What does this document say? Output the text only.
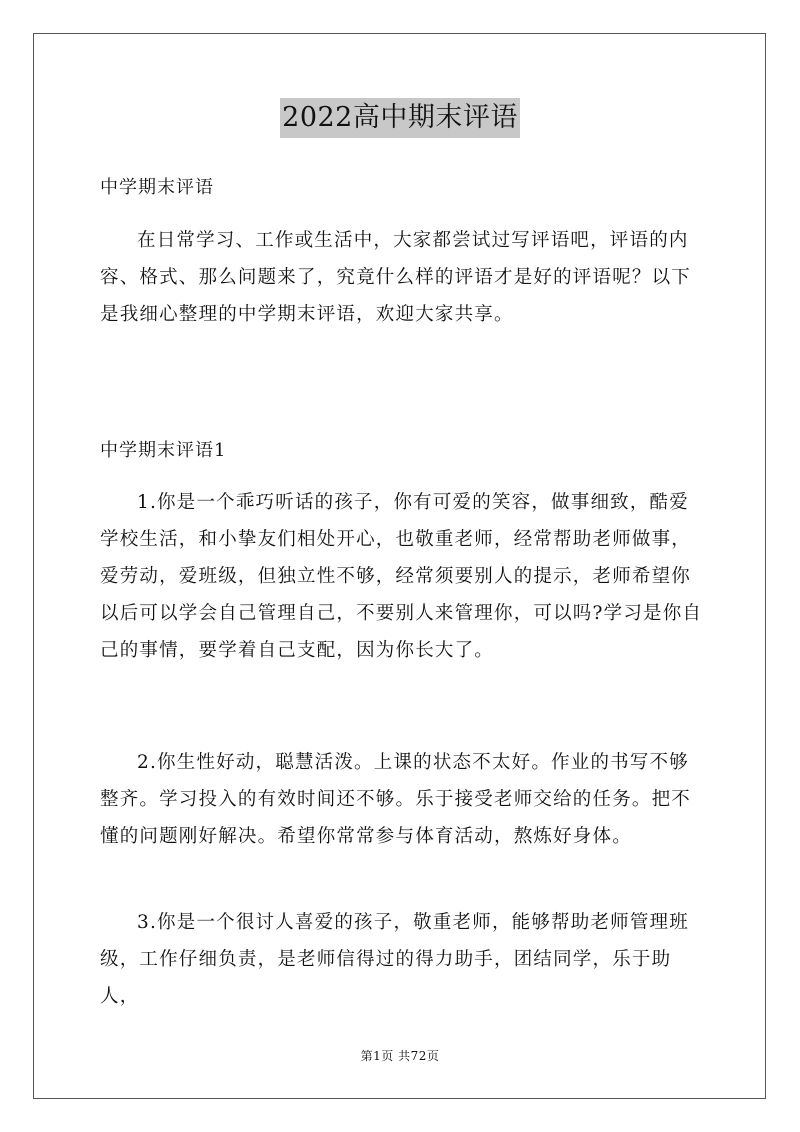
2022高中期末评语
中学期末评语

在日常学习、工作或生活中，大家都尝试过写评语吧，评语的内容、格式、那么问题来了，究竟什么样的评语才是好的评语呢？以下是我细心整理的中学期末评语，欢迎大家共享。

中学期末评语1

1.你是一个乖巧听话的孩子，你有可爱的笑容，做事细致，酷爱学校生活，和小挚友们相处开心，也敬重老师，经常帮助老师做事，爱劳动，爱班级，但独立性不够，经常须要别人的提示，老师希望你以后可以学会自己管理自己，不要别人来管理你，可以吗?学习是你自己的事情，要学着自己支配，因为你长大了。

2.你生性好动，聪慧活泼。上课的状态不太好。作业的书写不够整齐。学习投入的有效时间还不够。乐于接受老师交给的任务。把不懂的问题刚好解决。希望你常常参与体育活动，熬炼好身体。

3.你是一个很讨人喜爱的孩子，敬重老师，能够帮助老师管理班级，工作仔细负责，是老师信得过的得力助手，团结同学，乐于助人，

第1页 共72页
